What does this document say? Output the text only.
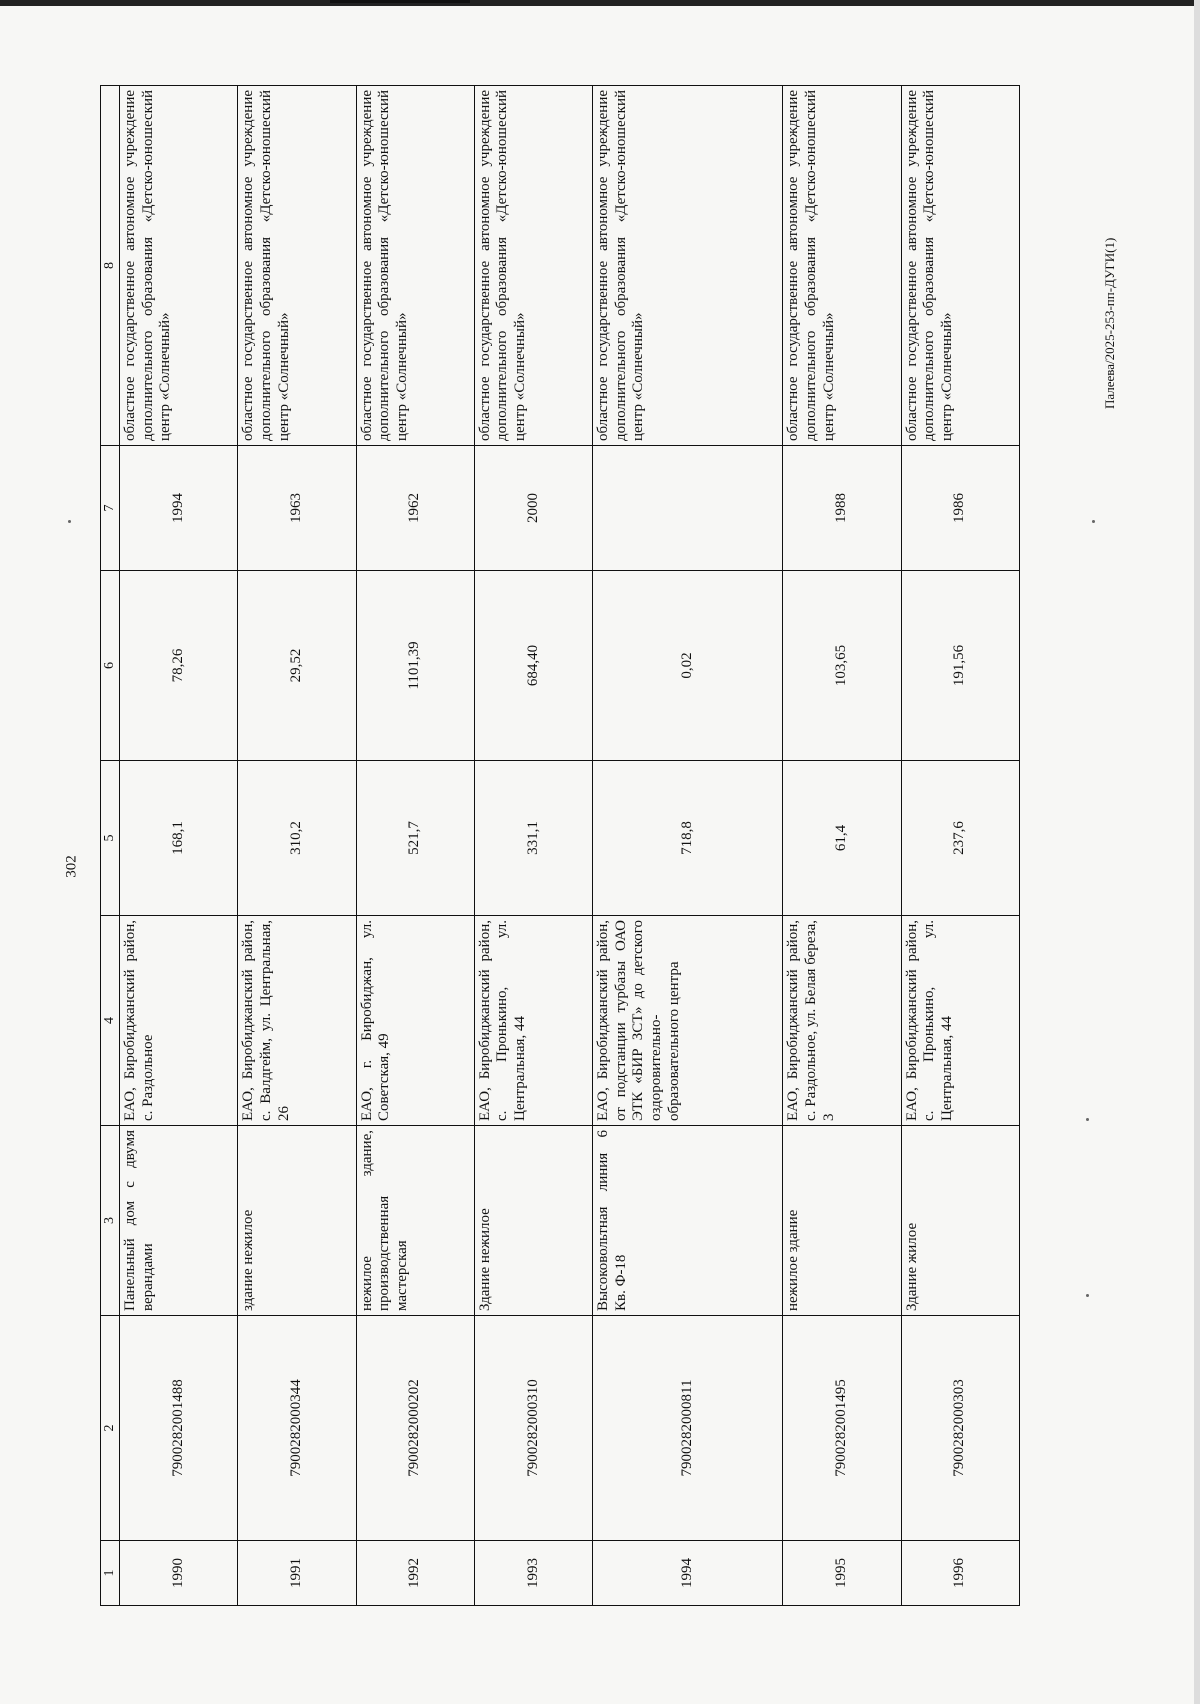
302
Палеева/2025-253-пп-ДУГИ(1)
1	2	3	4	5	6	7	8
1990	7900282001488	Панельный дом с двумя верандами	ЕАО, Биробиджанский район, с. Раздольное	168,1	78,26	1994	областное государственное автономное учреждение дополнительного образования «Детско-юношеский центр «Солнечный»
1991	7900282000344	здание нежилое	ЕАО, Биробиджанский район, с. Валдгейм, ул. Центральная, 26	310,2	29,52	1963	областное государственное автономное учреждение дополнительного образования «Детско-юношеский центр «Солнечный»
1992	7900282000202	нежилое здание, производственная мастерская	ЕАО, г. Биробиджан, ул. Советская, 49	521,7	1101,39	1962	областное государственное автономное учреждение дополнительного образования «Детско-юношеский центр «Солнечный»
1993	7900282000310	Здание нежилое	ЕАО, Биробиджанский район, с. Пронькино, ул. Центральная, 44	331,1	684,40	2000	областное государственное автономное учреждение дополнительного образования «Детско-юношеский центр «Солнечный»
1994	7900282000811	Высоковольтная линия 6 Кв. Ф-18	ЕАО, Биробиджанский район, от подстанции турбазы ОАО ЭТК «БИР ЗСТ» до детского оздоровительно-образовательного центра	718,8	0,02		областное государственное автономное учреждение дополнительного образования «Детско-юношеский центр «Солнечный»
1995	7900282001495	нежилое здание	ЕАО, Биробиджанский район, с. Раздольное, ул. Белая береза, 3	61,4	103,65	1988	областное государственное автономное учреждение дополнительного образования «Детско-юношеский центр «Солнечный»
1996	7900282000303	Здание жилое	ЕАО, Биробиджанский район, с. Пронькино, ул. Центральная, 44	237,6	191,56	1986	областное государственное автономное учреждение дополнительного образования «Детско-юношеский центр «Солнечный»
